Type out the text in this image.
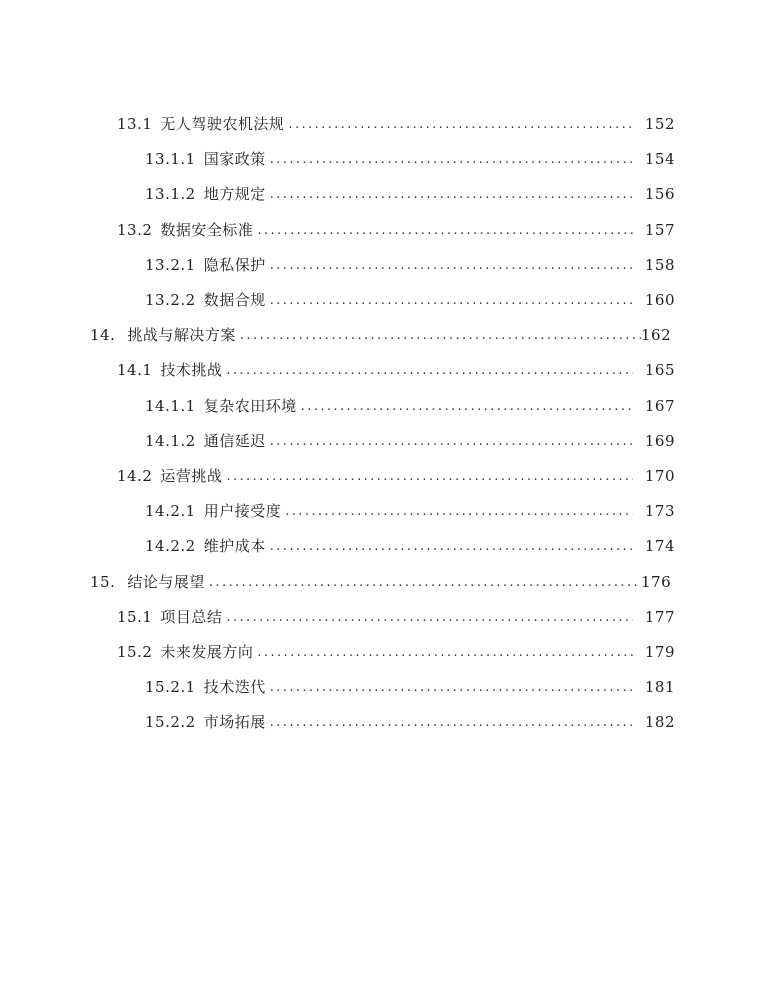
13.1 无人驾驶农机法规 .....	152
13.1.1 国家政策 .....	154
13.1.2 地方规定 .....	156
13.2 数据安全标准 .....	157
13.2.1 隐私保护 .....	158
13.2.2 数据合规 .....	160
14. 挑战与解决方案 .....	162
14.1 技术挑战 .....	165
14.1.1 复杂农田环境 .....	167
14.1.2 通信延迟 .....	169
14.2 运营挑战 .....	170
14.2.1 用户接受度 .....	173
14.2.2 维护成本 .....	174
15. 结论与展望 .....	176
15.1 项目总结 .....	177
15.2 未来发展方向 .....	179
15.2.1 技术迭代 .....	181
15.2.2 市场拓展 .....	182
